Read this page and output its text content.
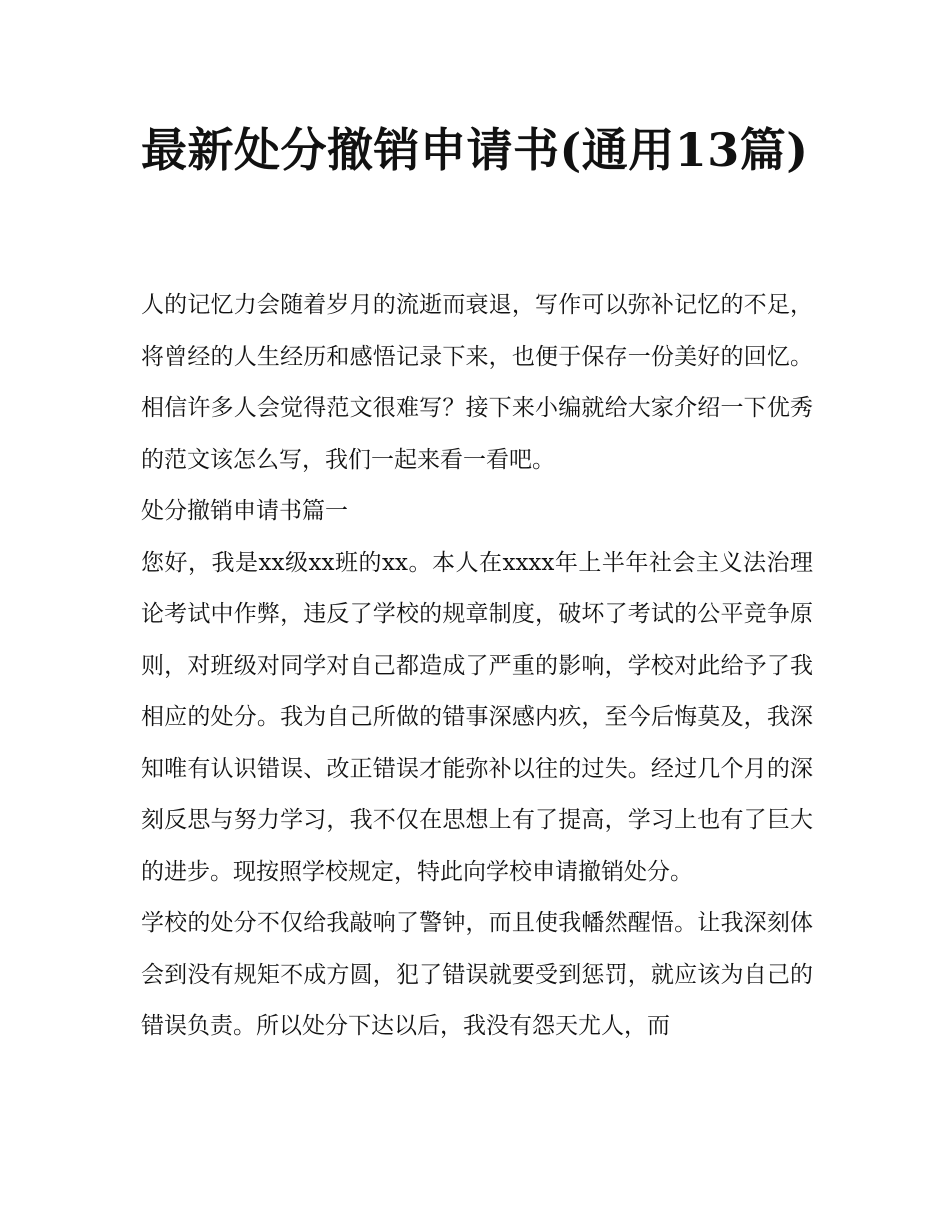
最新处分撤销申请书(通用13篇)

人的记忆力会随着岁月的流逝而衰退，写作可以弥补记忆的不足，将曾经的人生经历和感悟记录下来，也便于保存一份美好的回忆。相信许多人会觉得范文很难写？接下来小编就给大家介绍一下优秀的范文该怎么写，我们一起来看一看吧。

处分撤销申请书篇一

您好，我是xx级xx班的xx。本人在xxxx年上半年社会主义法治理论考试中作弊，违反了学校的规章制度，破坏了考试的公平竞争原则，对班级对同学对自己都造成了严重的影响，学校对此给予了我相应的处分。我为自己所做的错事深感内疚，至今后悔莫及，我深知唯有认识错误、改正错误才能弥补以往的过失。经过几个月的深刻反思与努力学习，我不仅在思想上有了提高，学习上也有了巨大的进步。现按照学校规定，特此向学校申请撤销处分。

学校的处分不仅给我敲响了警钟，而且使我幡然醒悟。让我深刻体会到没有规矩不成方圆，犯了错误就要受到惩罚，就应该为自己的错误负责。所以处分下达以后，我没有怨天尤人，而
